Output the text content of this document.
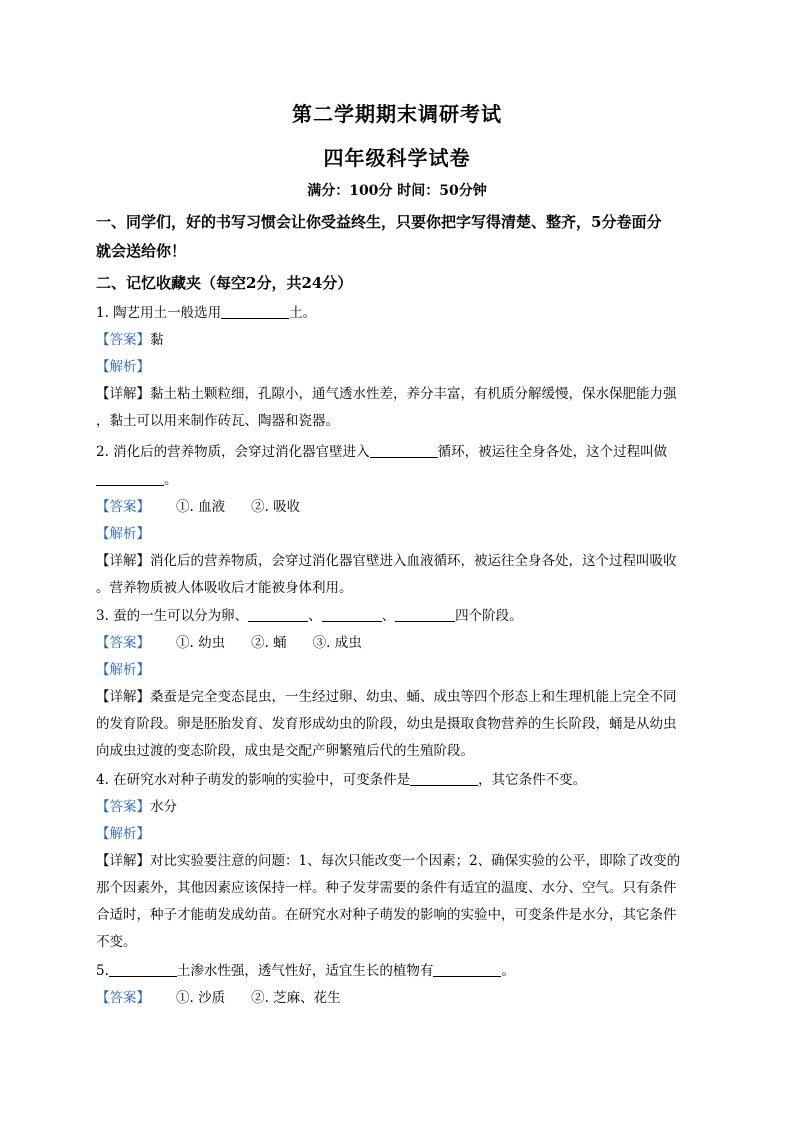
第二学期期末调研考试
四年级科学试卷
满分：100分 时间：50分钟
一、同学们，好的书写习惯会让你受益终生，只要你把字写得清楚、整齐，5分卷面分
就会送给你！
二、记忆收藏夹（每空2分，共24分）
1. 陶艺用土一般选用	土。
【答案】黏
【解析】
【详解】黏土粘土颗粒细，孔隙小，通气透水性差，养分丰富，有机质分解缓慢，保水保肥能力强
，黏土可以用来制作砖瓦、陶器和瓷器。
2. 消化后的营养物质，会穿过消化器官壁进入	循环，被运往全身各处，这个过程叫做
。
【答案】 ①. 血液 ②. 吸收
【解析】
【详解】消化后的营养物质，会穿过消化器官壁进入血液循环，被运往全身各处，这个过程叫吸收
。营养物质被人体吸收后才能被身体利用。
3. 蚕的一生可以分为卵、	、	、	四个阶段。
【答案】 ①. 幼虫 ②. 蛹 ③. 成虫
【解析】
【详解】桑蚕是完全变态昆虫，一生经过卵、幼虫、蛹、成虫等四个形态上和生理机能上完全不同
的发育阶段。卵是胚胎发育、发育形成幼虫的阶段，幼虫是摄取食物营养的生长阶段，蛹是从幼虫
向成虫过渡的变态阶段，成虫是交配产卵繁殖后代的生殖阶段。
4. 在研究水对种子萌发的影响的实验中，可变条件是	，其它条件不变。
【答案】水分
【解析】
【详解】对比实验要注意的问题：1、每次只能改变一个因素；2、确保实验的公平，即除了改变的
那个因素外，其他因素应该保持一样。种子发芽需要的条件有适宜的温度、水分、空气。只有条件
合适时，种子才能萌发成幼苗。在研究水对种子萌发的影响的实验中，可变条件是水分，其它条件
不变。
5.	土渗水性强，透气性好，适宜生长的植物有	。
【答案】 ①. 沙质 ②. 芝麻、花生
